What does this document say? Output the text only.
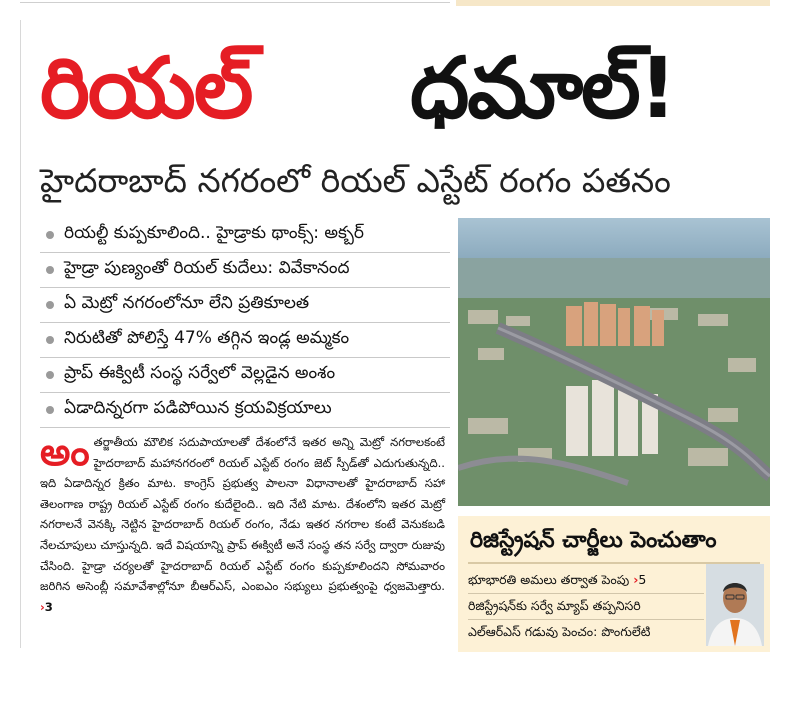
రియల్ ధమాల్!
హైదరాబాద్ నగరంలో రియల్ ఎస్టేట్ రంగం పతనం
రియల్టీ కుప్పకూలింది.. హైడ్రాకు థాంక్స్: అక్బర్
హైడ్రా పుణ్యంతో రియల్ కుదేలు: వివేకానంద
ఏ మెట్రో నగరంలోనూ లేని ప్రతికూలత
నిరుటితో పోలిస్తే 47% తగ్గిన ఇండ్ల అమ్మకం
ప్రాప్ ఈక్విటీ సంస్థ సర్వేలో వెల్లడైన అంశం
ఏడాదిన్నరగా పడిపోయిన క్రయవిక్రయాలు
అంతర్జాతీయ మౌలిక సదుపాయాలతో దేశంలోనే ఇతర అన్ని మెట్రో నగరాలకంటే హైదరాబాద్ మహానగరంలో రియల్ ఎస్టేట్ రంగం జెట్ స్పీడ్‌తో ఎదుగుతున్నది.. ఇది ఏడాదిన్నర క్రితం మాట. కాంగ్రెస్ ప్రభుత్వ పాలనా విధానాలతో హైదరాబాద్ సహా తెలంగాణ రాష్ట్ర రియల్ ఎస్టేట్ రంగం కుదేలైంది.. ఇది నేటి మాట. దేశంలోని ఇతర మెట్రో నగరాలనే వెనక్కి నెట్టిన హైదరాబాద్ రియల్ రంగం, నేడు ఇతర నగరాల కంటే వెనుకబడి నేలచూపులు చూస్తున్నది. ఇదే విషయాన్ని ప్రాప్ ఈక్విటీ అనే సంస్థ తన సర్వే ద్వారా రుజువు చేసింది. హైడ్రా చర్యలతో హైదరాబాద్ రియల్ ఎస్టేట్ రంగం కుప్పకూలిందని సోమవారం జరిగిన అసెంబ్లీ సమావేశాల్లోనూ బీఆర్ఎస్, ఎంఐఎం సభ్యులు ప్రభుత్వంపై ధ్వజమెత్తారు. ›3
రిజిస్ట్రేషన్ చార్జీలు పెంచుతాం
భూభారతి అమలు తర్వాత పెంపు ›5
రిజిస్ట్రేషన్‌కు సర్వే మ్యాప్ తప్పనిసరి
ఎల్ఆర్ఎస్ గడువు పెంచం: పొంగులేటి
